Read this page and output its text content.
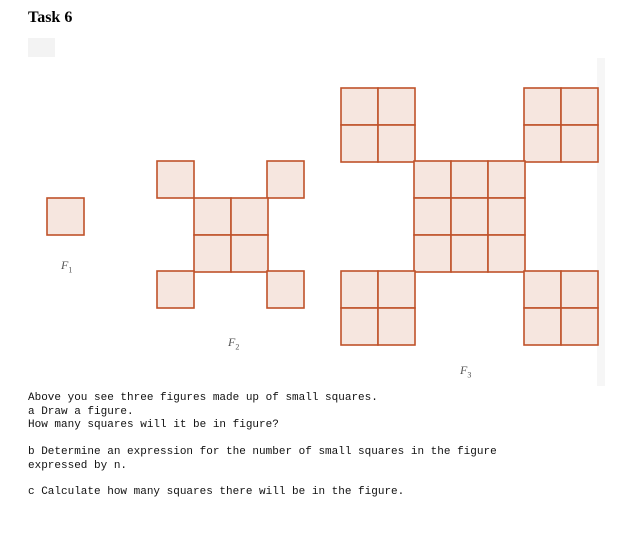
Task 6
$F_1$
$F_2$
$F_3$
Above you see three figures made up of small squares.
a Draw a figure.
How many squares will it be in figure?
b Determine an expression for the number of small squares in the figure
expressed by n.
c Calculate how many squares there will be in the figure.
